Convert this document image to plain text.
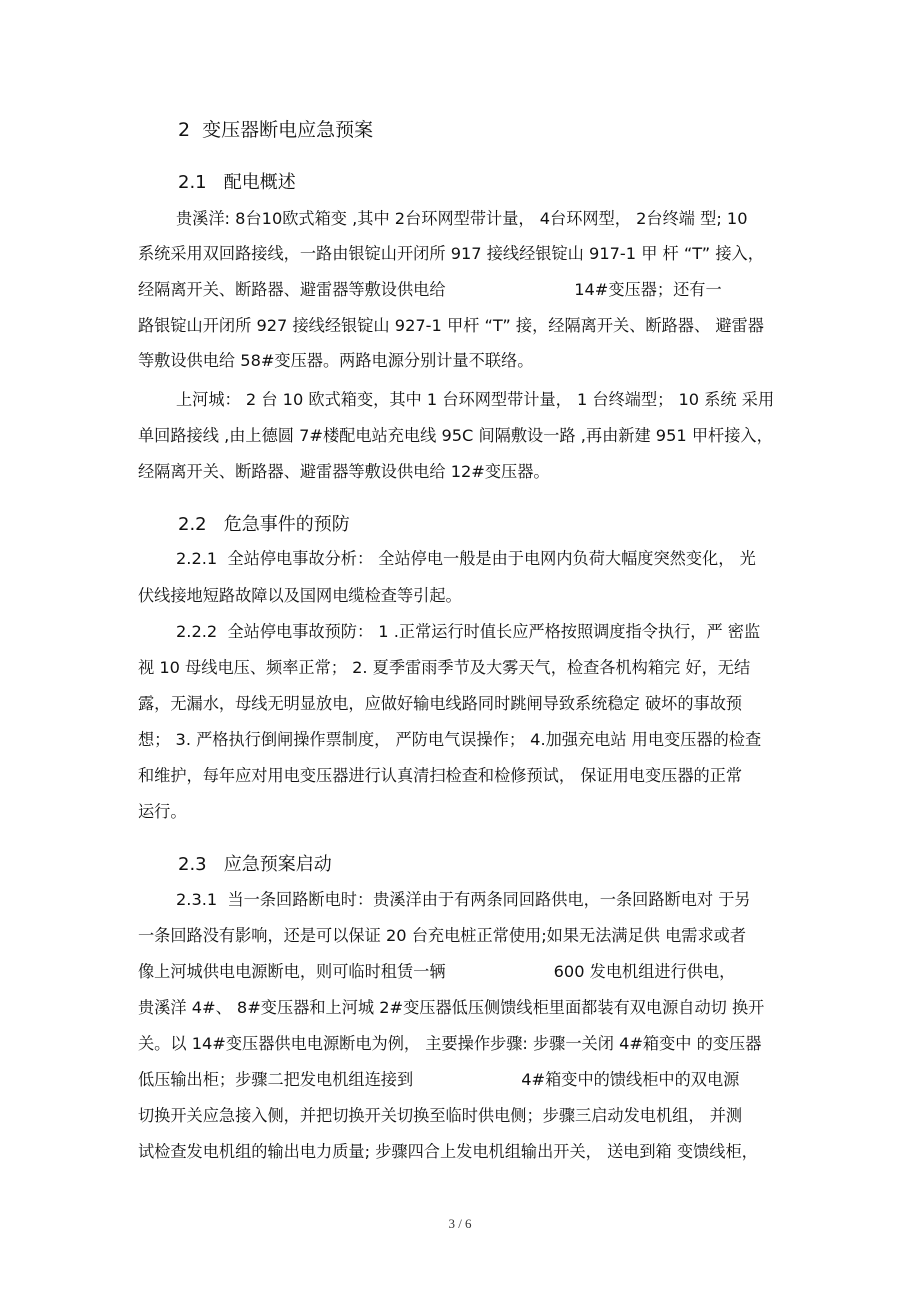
2  变压器断电应急预案
2.1   配电概述
贵溪洋: 8台10欧式箱变 ,其中 2台环网型带计量， 4台环网型， 2台终端 型; 10
系统采用双回路接线，一路由银锭山开闭所 917 接线经银锭山 917-1 甲 杆 “T” 接入，
经隔离开关、断路器、避雷器等敷设供电给                         14#变压器；还有一
路银锭山开闭所 927 接线经银锭山 927-1 甲杆 “T” 接，经隔离开关、断路器、 避雷器
等敷设供电给 58#变压器。两路电源分别计量不联络。
上河城： 2 台 10 欧式箱变，其中 1 台环网型带计量， 1 台终端型； 10 系统 采用
单回路接线 ,由上德圆 7#楼配电站充电线 95C 间隔敷设一路 ,再由新建 951 甲杆接入，
经隔离开关、断路器、避雷器等敷设供电给 12#变压器。
2.2   危急事件的预防
2.2.1  全站停电事故分析： 全站停电一般是由于电网内负荷大幅度突然变化， 光
伏线接地短路故障以及国网电缆检查等引起。
2.2.2  全站停电事故预防： 1 .正常运行时值长应严格按照调度指令执行，严 密监
视 10 母线电压、频率正常； 2. 夏季雷雨季节及大雾天气，检查各机构箱完 好，无结
露，无漏水，母线无明显放电，应做好输电线路同时跳闸导致系统稳定 破坏的事故预
想； 3. 严格执行倒闸操作票制度， 严防电气误操作； 4.加强充电站 用电变压器的检查
和维护，每年应对用电变压器进行认真清扫检查和检修预试， 保证用电变压器的正常
运行。
2.3   应急预案启动
2.3.1  当一条回路断电时：贵溪洋由于有两条同回路供电，一条回路断电对 于另
一条回路没有影响，还是可以保证 20 台充电桩正常使用;如果无法满足供 电需求或者
像上河城供电电源断电，则可临时租赁一辆                     600 发电机组进行供电，
贵溪洋 4#、 8#变压器和上河城 2#变压器低压侧馈线柜里面都装有双电源自动切 换开
关。以 14#变压器供电电源断电为例， 主要操作步骤: 步骤一关闭 4#箱变中 的变压器
低压输出柜；步骤二把发电机组连接到                     4#箱变中的馈线柜中的双电源
切换开关应急接入侧，并把切换开关切换至临时供电侧；步骤三启动发电机组， 并测
试检查发电机组的输出电力质量; 步骤四合上发电机组输出开关， 送电到箱 变馈线柜，
3 / 6
